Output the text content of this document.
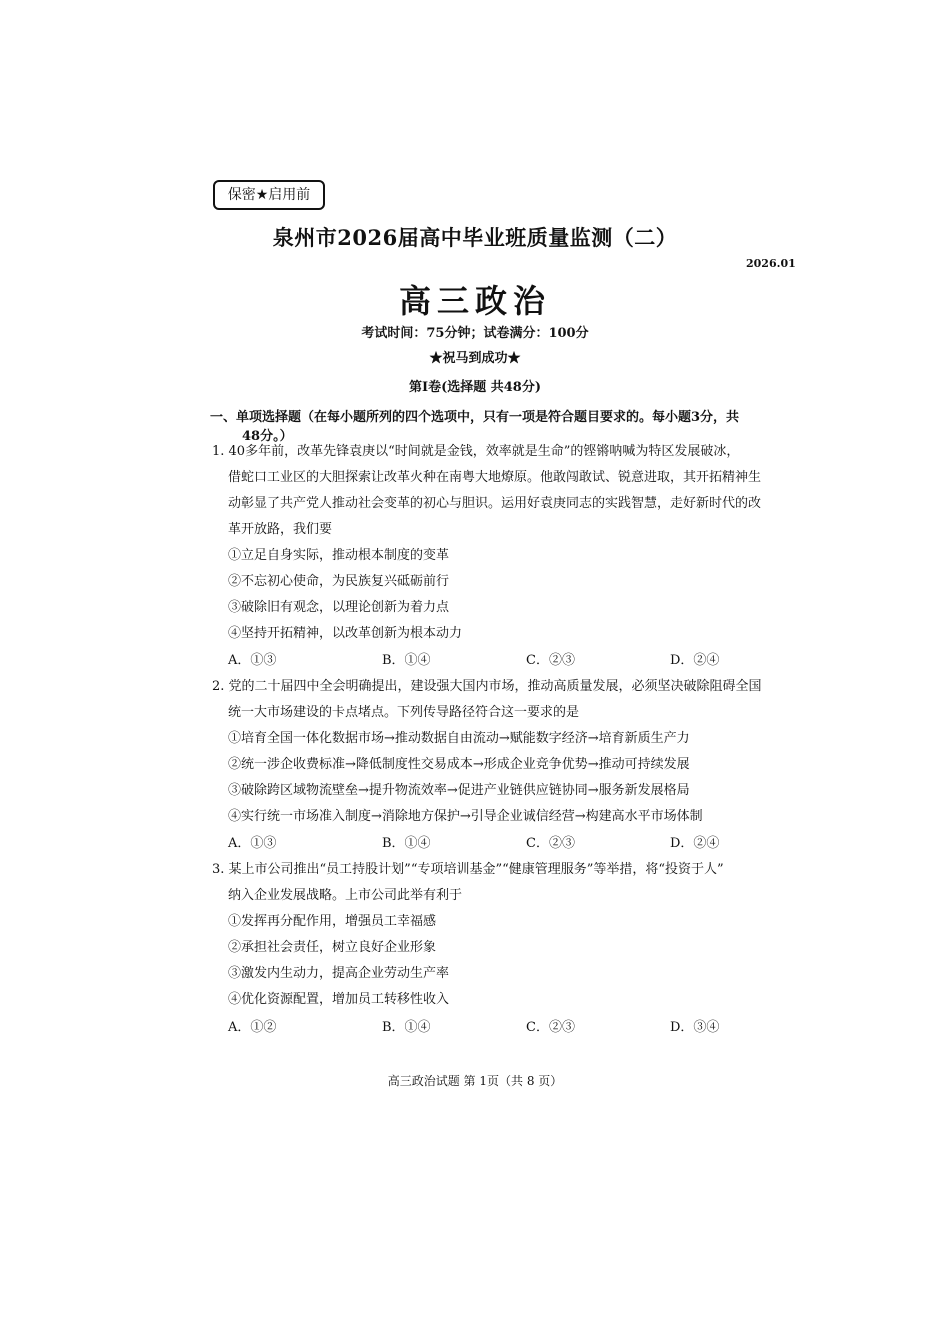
保密★启用前
泉州市2026届高中毕业班质量监测（二）
2026.01
高三政治
考试时间：75分钟；试卷满分：100分
★祝马到成功★
第I卷(选择题 共48分)
一、单项选择题（在每小题所列的四个选项中，只有一项是符合题目要求的。每小题3分，共
48分。）
1. 40多年前，改革先锋袁庚以“时间就是金钱，效率就是生命”的铿锵呐喊为特区发展破冰，
借蛇口工业区的大胆探索让改革火种在南粤大地燎原。他敢闯敢试、锐意进取，其开拓精神生
动彰显了共产党人推动社会变革的初心与胆识。运用好袁庚同志的实践智慧，走好新时代的改
革开放路，我们要
①立足自身实际，推动根本制度的变革
②不忘初心使命，为民族复兴砥砺前行
③破除旧有观念，以理论创新为着力点
④坚持开拓精神，以改革创新为根本动力
A．①③	B．①④	C．②③	D．②④
2. 党的二十届四中全会明确提出，建设强大国内市场，推动高质量发展，必须坚决破除阻碍全国
统一大市场建设的卡点堵点。下列传导路径符合这一要求的是
①培育全国一体化数据市场→推动数据自由流动→赋能数字经济→培育新质生产力
②统一涉企收费标准→降低制度性交易成本→形成企业竞争优势→推动可持续发展
③破除跨区域物流壁垒→提升物流效率→促进产业链供应链协同→服务新发展格局
④实行统一市场准入制度→消除地方保护→引导企业诚信经营→构建高水平市场体制
A．①③	B．①④	C．②③	D．②④
3. 某上市公司推出“员工持股计划”“专项培训基金”“健康管理服务”等举措，将“投资于人”
纳入企业发展战略。上市公司此举有利于
①发挥再分配作用，增强员工幸福感
②承担社会责任，树立良好企业形象
③激发内生动力，提高企业劳动生产率
④优化资源配置，增加员工转移性收入
A．①②	B．①④	C．②③	D．③④
高三政治试题 第 1页（共 8 页）
